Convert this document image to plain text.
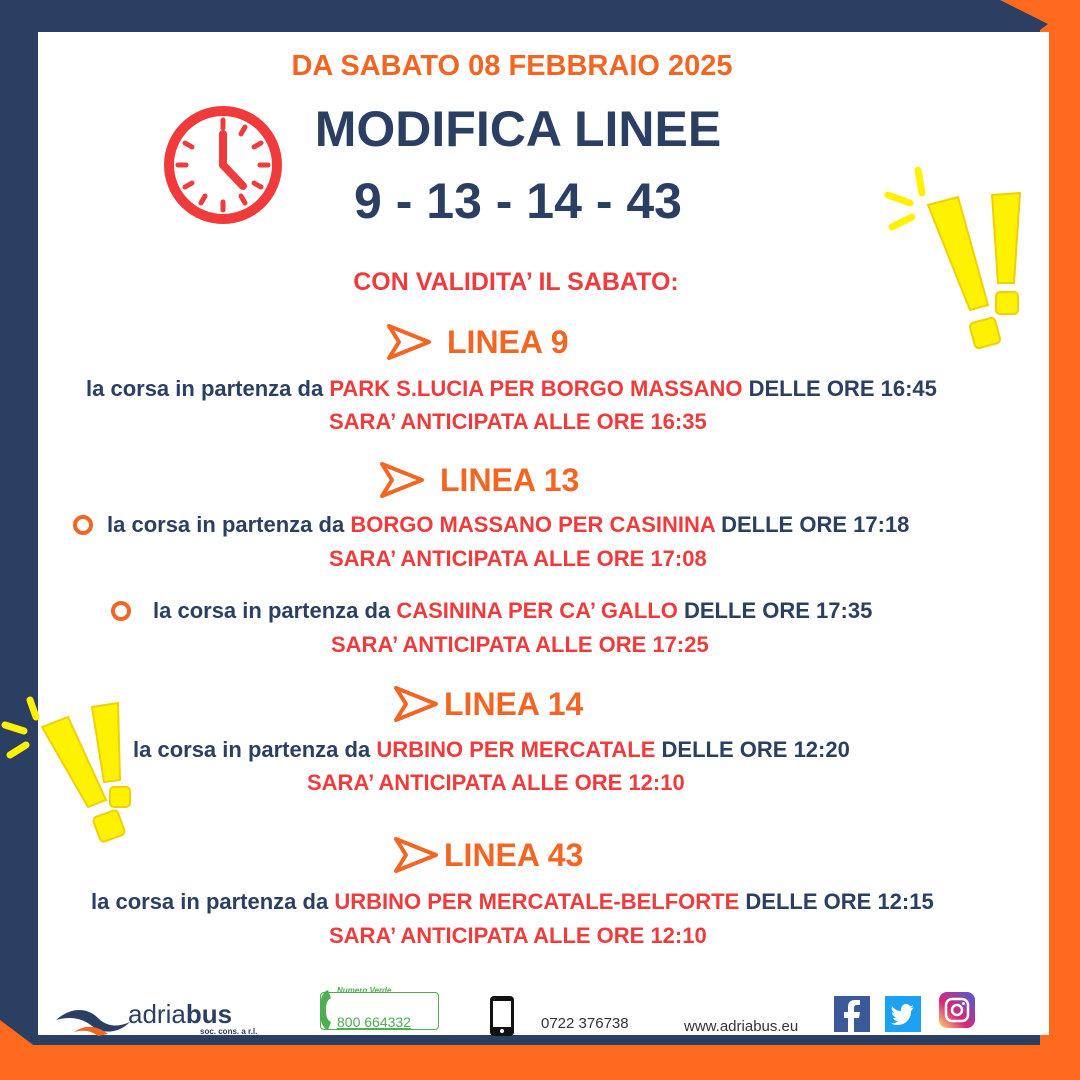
DA SABATO 08 FEBBRAIO 2025
MODIFICA LINEE
9 - 13 - 14 - 43
CON VALIDITA’ IL SABATO:
LINEA 9
la corsa in partenza da PARK S.LUCIA PER BORGO MASSANO DELLE ORE 16:45
SARA’ ANTICIPATA ALLE ORE 16:35
LINEA 13
la corsa in partenza da BORGO MASSANO PER CASININA DELLE ORE 17:18
SARA’ ANTICIPATA ALLE ORE 17:08
la corsa in partenza da CASININA PER CA’ GALLO DELLE ORE 17:35
SARA’ ANTICIPATA ALLE ORE 17:25
LINEA 14
la corsa in partenza da URBINO PER MERCATALE DELLE ORE 12:20
SARA’ ANTICIPATA ALLE ORE 12:10
LINEA 43
la corsa in partenza da URBINO PER MERCATALE-BELFORTE DELLE ORE 12:15
SARA’ ANTICIPATA ALLE ORE 12:10
adriabus
soc. cons. a r.l.
Numero Verde
800 664332	0722 376738	www.adriabus.eu
